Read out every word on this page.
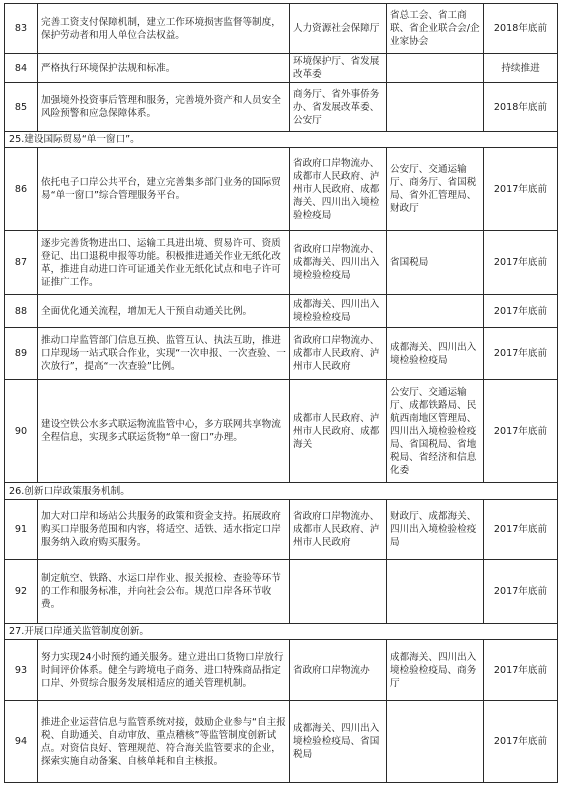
83	完善工资支付保障机制，建立工作环境损害监督等制度，保护劳动者和用人单位合法权益。	人力资源社会保障厅	省总工会、省工商联、省企业联合会/企业家协会	2018年底前
84	严格执行环境保护法规和标准。	环境保护厅、省发展改革委		持续推进
85	加强境外投资事后管理和服务，完善境外资产和人员安全风险预警和应急保障体系。	商务厅、省外事侨务办、省发展改革委、公安厅		2018年底前
25.建设国际贸易“单一窗口”。				
86	依托电子口岸公共平台，建立完善集多部门业务的国际贸易“单一窗口”综合管理服务平台。	省政府口岸物流办、成都市人民政府、泸州市人民政府、成都海关、四川出入境检验检疫局	公安厅、交通运输厅、商务厅、省国税局、省外汇管理局、财政厅	2017年底前
87	逐步完善货物进出口、运输工具进出境、贸易许可、资质登记、出口退税申报等功能。积极推进通关作业无纸化改革，推进自动进口许可证通关作业无纸化试点和电子许可证推广工作。	省政府口岸物流办、成都海关、四川出入境检验检疫局	省国税局	2017年底前
88	全面优化通关流程，增加无人干预自动通关比例。	成都海关、四川出入境检验检疫局		2017年底前
89	推动口岸监管部门信息互换、监管互认、执法互助，推进口岸现场一站式联合作业，实现“一次申报、一次查验、一次放行”，提高“一次查验”比例。	省政府口岸物流办、成都市人民政府、泸州市人民政府	成都海关、四川出入境检验检疫局	2017年底前
90	建设空铁公水多式联运物流监管中心，多方联网共享物流全程信息，实现多式联运货物“单一窗口”办理。	成都市人民政府、泸州市人民政府、成都海关	公安厅、交通运输厅、成都铁路局、民航西南地区管理局、四川出入境检验检疫局、省国税局、省地税局、省经济和信息化委	2017年底前
26.创新口岸政策服务机制。				
91	加大对口岸和场站公共服务的政策和资金支持。拓展政府购买口岸服务范围和内容，将适空、适铁、适水指定口岸服务纳入政府购买服务。	省政府口岸物流办、成都市人民政府、泸州市人民政府	财政厅、成都海关、四川出入境检验检疫局	2017年底前
92	制定航空、铁路、水运口岸作业、报关报检、查验等环节的工作和服务标准，并向社会公布。规范口岸各环节收费。			2017年底前
27.开展口岸通关监管制度创新。				
93	努力实现24小时预约通关服务。建立进出口货物口岸放行时间评价体系。健全与跨境电子商务、进口特殊商品指定口岸、外贸综合服务发展相适应的通关管理机制。	省政府口岸物流办	成都海关、四川出入境检验检疫局、商务厅	2017年底前
94	推进企业运营信息与监管系统对接，鼓励企业参与“自主报税、自助通关、自动审放、重点稽核”等监管制度创新试点。对资信良好、管理规范、符合海关监管要求的企业，探索实施自动备案、自核单耗和自主核报。	成都海关、四川出入境检验检疫局、省国税局		2017年底前
